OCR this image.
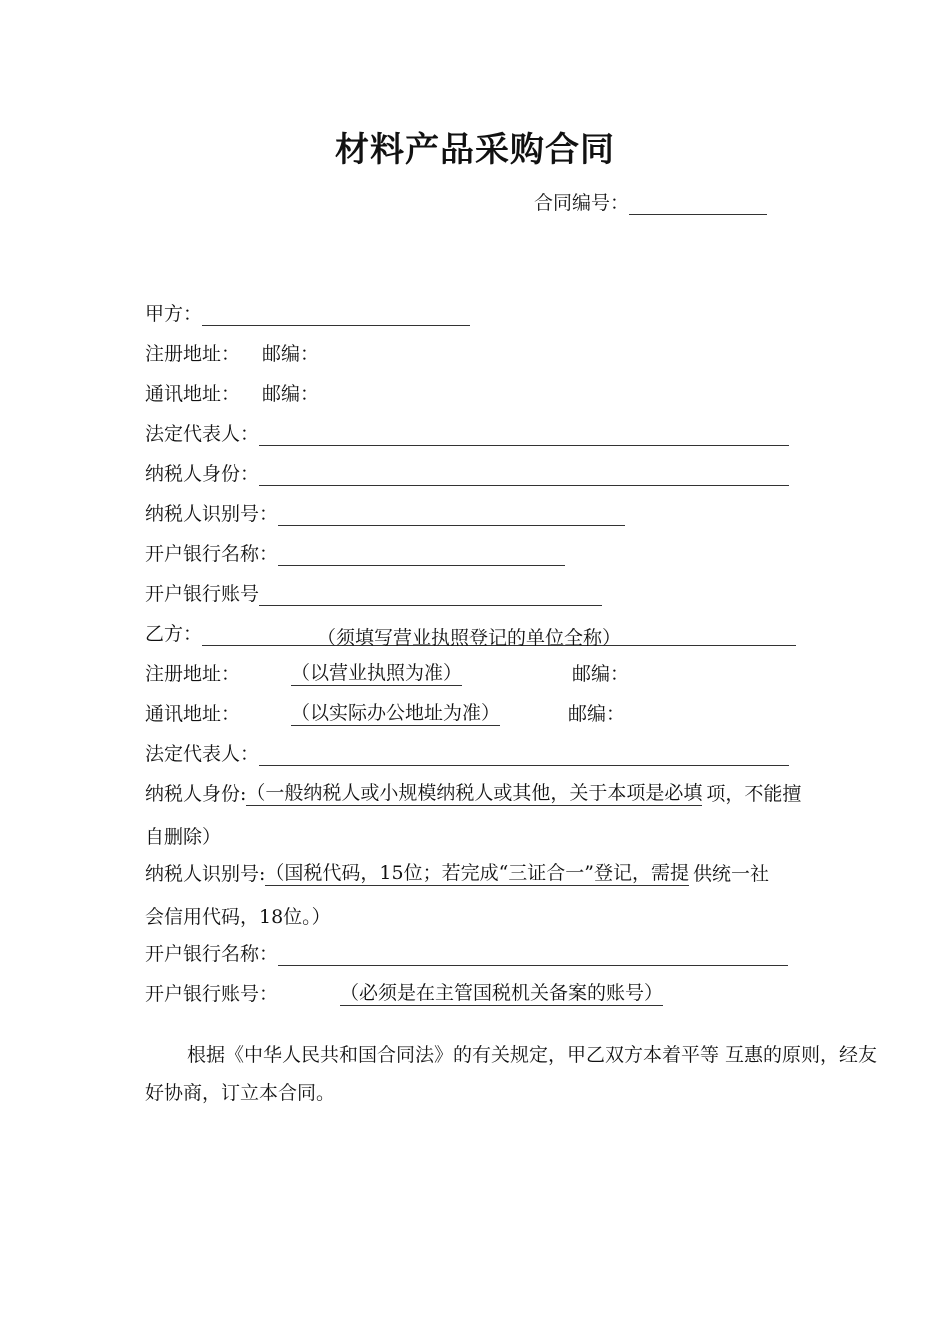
材料产品采购合同
合同编号：
甲方：
注册地址： 邮编：
通讯地址： 邮编：
法定代表人：
纳税人身份：
纳税人识别号：
开户银行名称：
开户银行账号
乙方：	（须填写营业执照登记的单位全称）
注册地址：	（以营业执照为准）	邮编：
通讯地址：	（以实际办公地址为准）	邮编：
法定代表人：
纳税人身份: （一般纳税人或小规模纳税人或其他，关于本项是必填 项，不能擅
自删除）
纳税人识别号: （国税代码，15位；若完成“三证合一”登记，需提 供统一社
会信用代码，18位。）
开户银行名称：
开户银行账号：	（必须是在主管国税机关备案的账号）
根据《中华人民共和国合同法》的有关规定，甲乙双方本着平等 互惠的原则，经友好协商，订立本合同。
